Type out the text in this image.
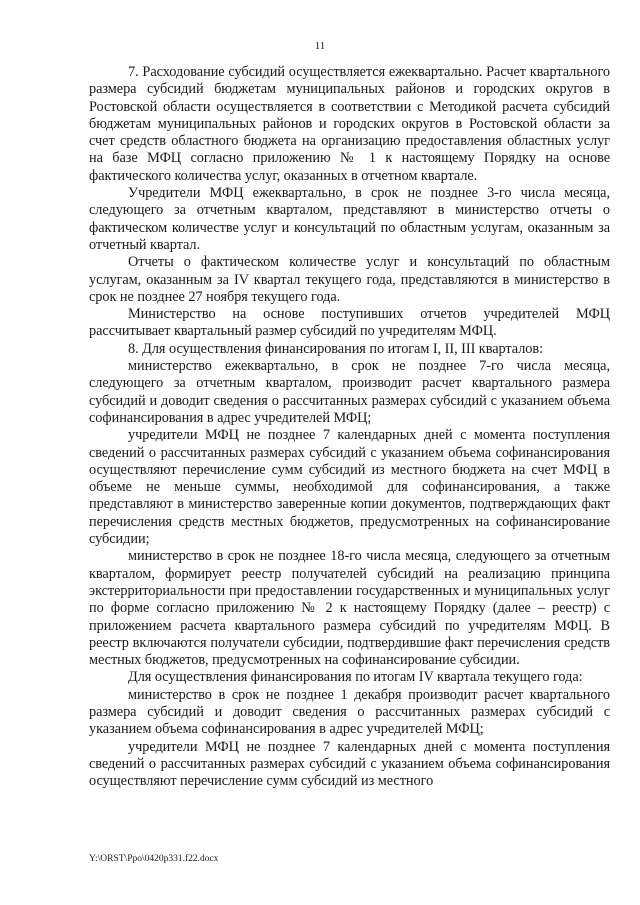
11

7. Расходование субсидий осуществляется ежеквартально. Расчет квартального размера субсидий бюджетам муниципальных районов и городских округов в Ростовской области осуществляется в соответствии с Методикой расчета субсидий бюджетам муниципальных районов и городских округов в Ростовской области за счет средств областного бюджета на организацию предоставления областных услуг на базе МФЦ согласно приложению № 1 к настоящему Порядку на основе фактического количества услуг, оказанных в отчетном квартале.

Учредители МФЦ ежеквартально, в срок не позднее 3-го числа месяца, следующего за отчетным кварталом, представляют в министерство отчеты о фактическом количестве услуг и консультаций по областным услугам, оказанным за отчетный квартал.

Отчеты о фактическом количестве услуг и консультаций по областным услугам, оказанным за IV квартал текущего года, представляются в министерство в срок не позднее 27 ноября текущего года.

Министерство на основе поступивших отчетов учредителей МФЦ рассчитывает квартальный размер субсидий по учредителям МФЦ.

8. Для осуществления финансирования по итогам I, II, III кварталов:

министерство ежеквартально, в срок не позднее 7-го числа месяца, следующего за отчетным кварталом, производит расчет квартального размера субсидий и доводит сведения о рассчитанных размерах субсидий с указанием объема софинансирования в адрес учредителей МФЦ;

учредители МФЦ не позднее 7 календарных дней с момента поступления сведений о рассчитанных размерах субсидий с указанием объема софинансирования осуществляют перечисление сумм субсидий из местного бюджета на счет МФЦ в объеме не меньше суммы, необходимой для софинансирования, а также представляют в министерство заверенные копии документов, подтверждающих факт перечисления средств местных бюджетов, предусмотренных на софинансирование субсидии;

министерство в срок не позднее 18-го числа месяца, следующего за отчетным кварталом, формирует реестр получателей субсидий на реализацию принципа экстерриториальности при предоставлении государственных и муниципальных услуг по форме согласно приложению № 2 к настоящему Порядку (далее – реестр) с приложением расчета квартального размера субсидий по учредителям МФЦ. В реестр включаются получатели субсидии, подтвердившие факт перечисления средств местных бюджетов, предусмотренных на софинансирование субсидии.

Для осуществления финансирования по итогам IV квартала текущего года:

министерство в срок не позднее 1 декабря производит расчет квартального размера субсидий и доводит сведения о рассчитанных размерах субсидий с указанием объема софинансирования в адрес учредителей МФЦ;

учредители МФЦ не позднее 7 календарных дней с момента поступления сведений о рассчитанных размерах субсидий с указанием объема софинансирования осуществляют перечисление сумм субсидий из местного

Y:\ORST\Ppo\0420p331.f22.docx
